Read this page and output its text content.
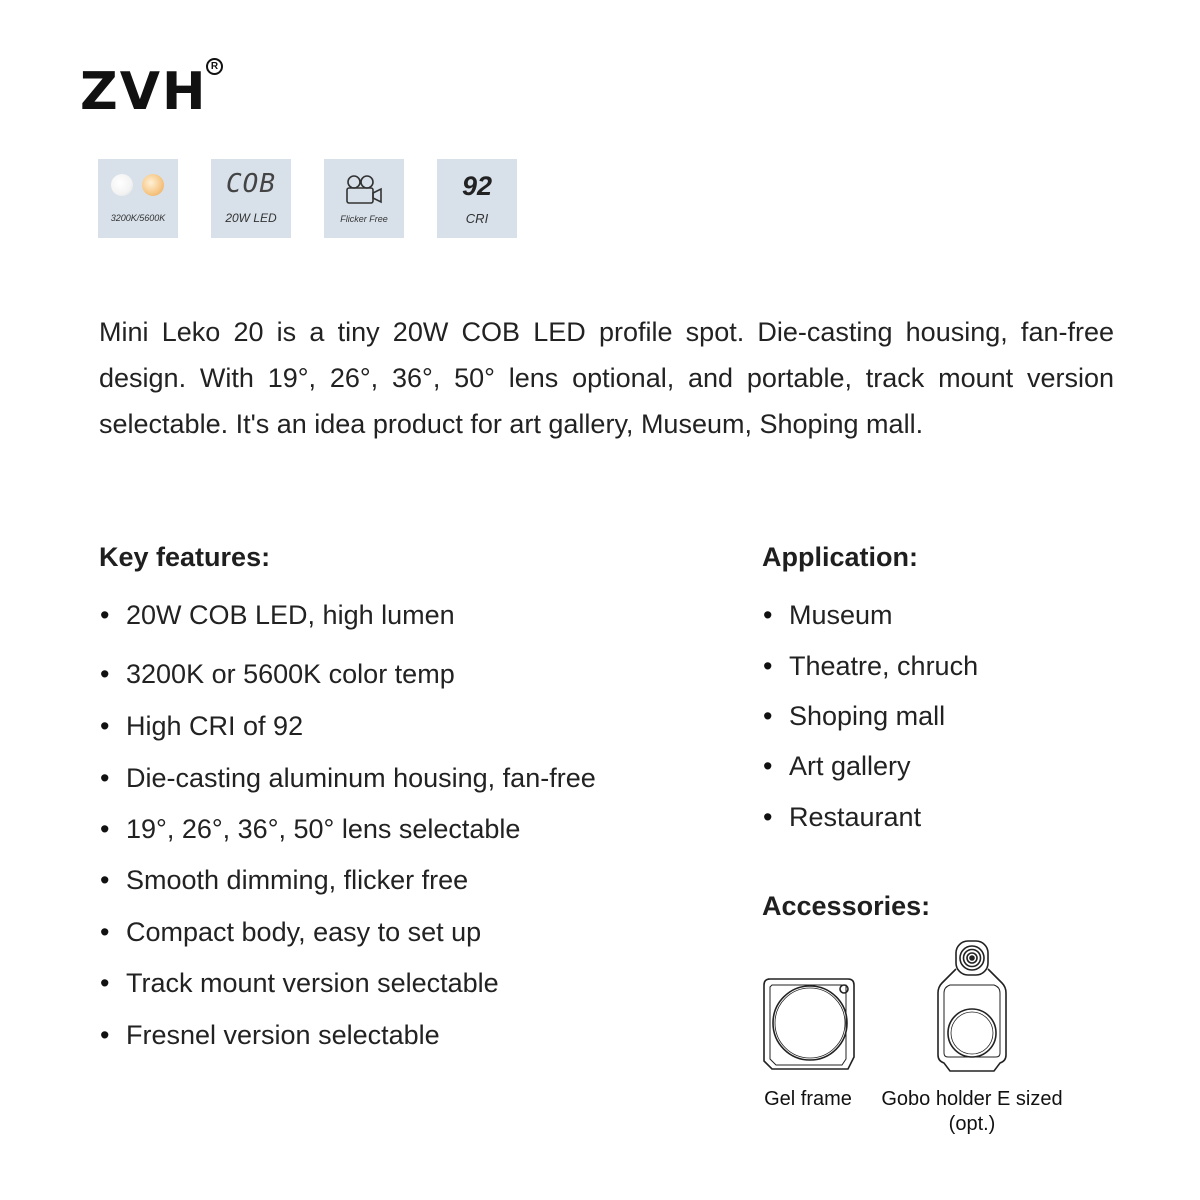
ZVH R
3200K/5600K
COB
20W LED	Flicker Free
92
CRI

Mini Leko 20 is a tiny 20W COB LED profile spot. Die-casting housing, fan-free design. With 19°, 26°, 36°, 50° lens optional, and portable, track mount version selectable. It's an idea product for art gallery, Museum, Shoping mall.

Key features:
• 20W COB LED, high lumen
• 3200K or 5600K color temp
• High CRI of 92
• Die-casting aluminum housing, fan-free
• 19°, 26°, 36°, 50° lens selectable
• Smooth dimming, flicker free
• Compact body, easy to set up
• Track mount version selectable
• Fresnel version selectable
Application:
• Museum
• Theatre, chruch
• Shoping mall
• Art gallery
• Restaurant
Accessories:
Gel frame	Gobo holder E sized
(opt.)
